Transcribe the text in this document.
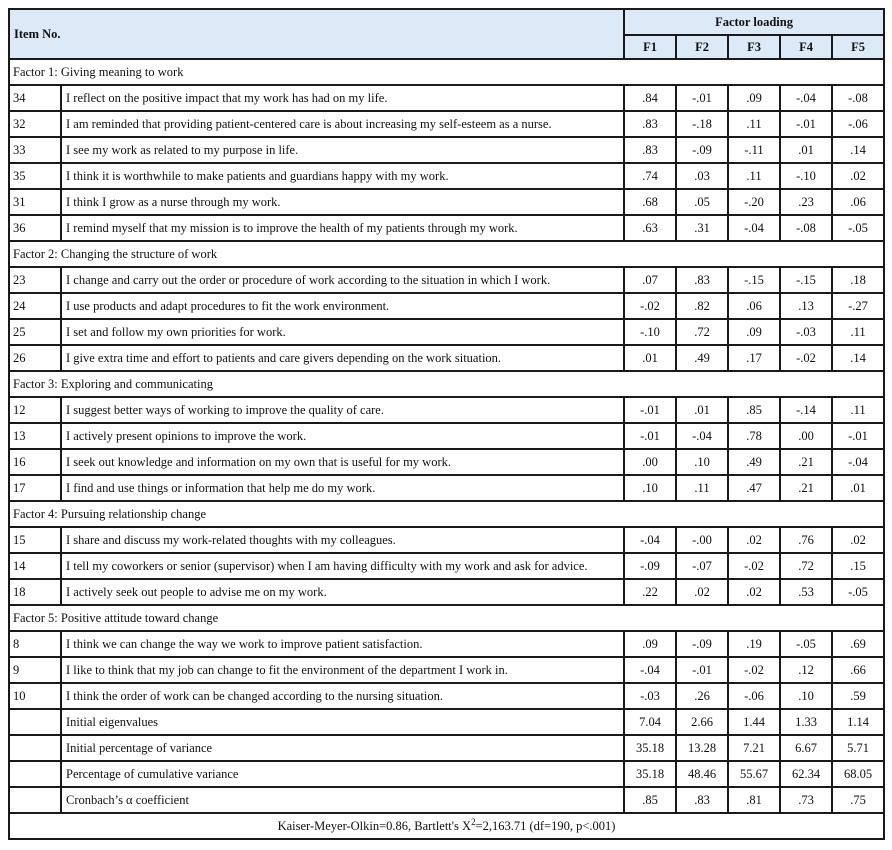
Item No.		Factor loading				
		F1	F2	F3	F4	F5
Factor 1: Giving meaning to work						
34	I reflect on the positive impact that my work has had on my life.	.84	-.01	.09	-.04	-.08
32	I am reminded that providing patient-centered care is about increasing my self-esteem as a nurse.	.83	-.18	.11	-.01	-.06
33	I see my work as related to my purpose in life.	.83	-.09	-.11	.01	.14
35	I think it is worthwhile to make patients and guardians happy with my work.	.74	.03	.11	-.10	.02
31	I think I grow as a nurse through my work.	.68	.05	-.20	.23	.06
36	I remind myself that my mission is to improve the health of my patients through my work.	.63	.31	-.04	-.08	-.05
Factor 2: Changing the structure of work						
23	I change and carry out the order or procedure of work according to the situation in which I work.	.07	.83	-.15	-.15	.18
24	I use products and adapt procedures to fit the work environment.	-.02	.82	.06	.13	-.27
25	I set and follow my own priorities for work.	-.10	.72	.09	-.03	.11
26	I give extra time and effort to patients and care givers depending on the work situation.	.01	.49	.17	-.02	.14
Factor 3: Exploring and communicating						
12	I suggest better ways of working to improve the quality of care.	-.01	.01	.85	-.14	.11
13	I actively present opinions to improve the work.	-.01	-.04	.78	.00	-.01
16	I seek out knowledge and information on my own that is useful for my work.	.00	.10	.49	.21	-.04
17	I find and use things or information that help me do my work.	.10	.11	.47	.21	.01
Factor 4: Pursuing relationship change						
15	I share and discuss my work-related thoughts with my colleagues.	-.04	-.00	.02	.76	.02
14	I tell my coworkers or senior (supervisor) when I am having difficulty with my work and ask for advice.	-.09	-.07	-.02	.72	.15
18	I actively seek out people to advise me on my work.	.22	.02	.02	.53	-.05
Factor 5: Positive attitude toward change						
8	I think we can change the way we work to improve patient satisfaction.	.09	-.09	.19	-.05	.69
9	I like to think that my job can change to fit the environment of the department I work in.	-.04	-.01	-.02	.12	.66
10	I think the order of work can be changed according to the nursing situation.	-.03	.26	-.06	.10	.59
	Initial eigenvalues	7.04	2.66	1.44	1.33	1.14
	Initial percentage of variance	35.18	13.28	7.21	6.67	5.71
	Percentage of cumulative variance	35.18	48.46	55.67	62.34	68.05
	Cronbach’s α coefficient	.85	.83	.81	.73	.75
Kaiser-Meyer-Olkin=0.86, Bartlett's $X^2=2,163.71$ (df=190, p<.001)						
